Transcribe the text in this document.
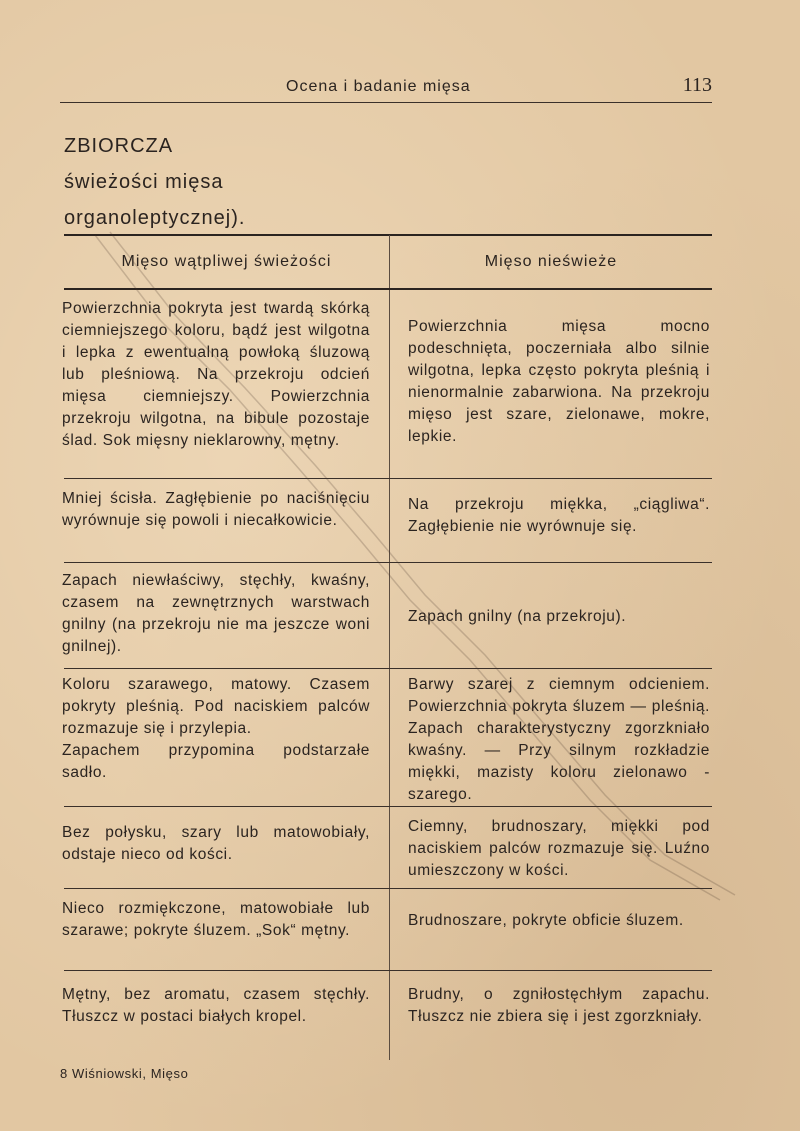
Ocena i badanie mięsa	113
ZBIORCZA
świeżości mięsa
organoleptycznej).
Mięso wątpliwej świeżości	Mięso nieświeże
Powierzchnia pokryta jest twardą skórką ciemniejszego koloru, bądź jest wilgotna i lepka z ewentualną powłoką śluzową lub pleśniową. Na przekroju odcień mięsa ciemniejszy. Powierzchnia przekroju wilgotna, na bibule pozostaje ślad. Sok mięsny nieklarowny, mętny.
Powierzchnia mięsa mocno podeschnięta, poczerniała albo silnie wilgotna, lepka często pokryta pleśnią i nienormalnie zabarwiona. Na przekroju mięso jest szare, zielonawe, mokre, lepkie.
Mniej ścisła. Zagłębienie po naciśnięciu wyrównuje się powoli i niecałkowicie.
Na przekroju miękka, „ciągliwa“. Zagłębienie nie wyrównuje się.
Zapach niewłaściwy, stęchły, kwaśny, czasem na zewnętrznych warstwach gnilny (na przekroju nie ma jeszcze woni gnilnej).
Zapach gnilny (na przekroju).
Koloru szarawego, matowy. Czasem pokryty pleśnią. Pod naciskiem palców rozmazuje się i przylepia.
Zapachem przypomina podstarzałe sadło.
Barwy szarej z ciemnym odcieniem. Powierzchnia pokryta śluzem — pleśnią. Zapach charakterystyczny zgorzkniało kwaśny. — Przy silnym rozkładzie miękki, mazisty koloru zielonawo - szarego.
Bez połysku, szary lub matowobiały, odstaje nieco od kości.
Ciemny, brudnoszary, miękki pod naciskiem palców rozmazuje się. Luźno umieszczony w kości.
Nieco rozmiękczone, matowobiałe lub szarawe; pokryte śluzem. „Sok“ mętny.
Brudnoszare, pokryte obficie śluzem.
Mętny, bez aromatu, czasem stęchły. Tłuszcz w postaci białych kropel.
Brudny, o zgniłostęchłym zapachu. Tłuszcz nie zbiera się i jest zgorzkniały.
8 Wiśniowski, Mięso
